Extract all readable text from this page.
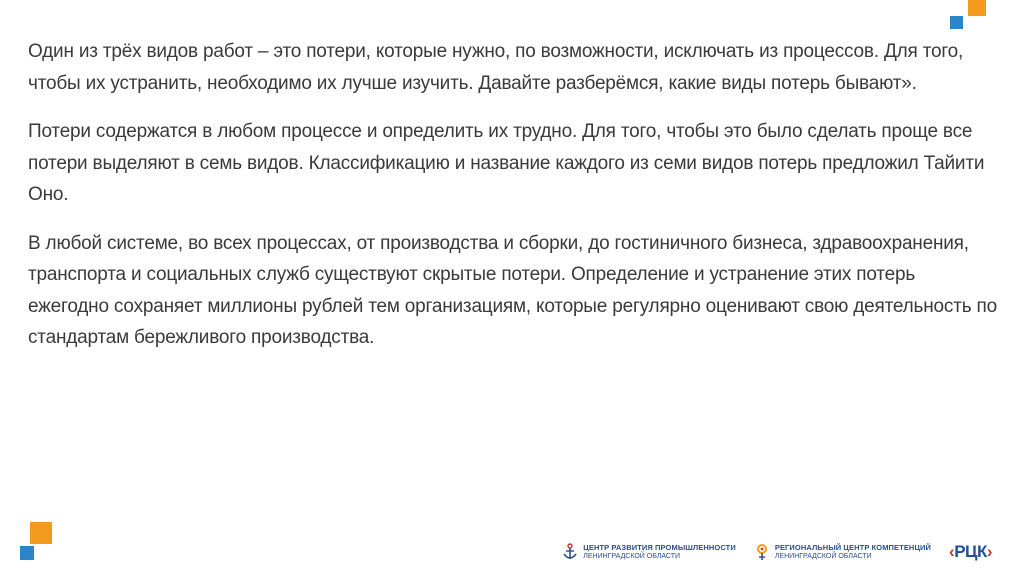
Один из трёх видов работ – это потери, которые нужно, по возможности, исключать из процессов. Для того, чтобы их устранить, необходимо их лучше изучить. Давайте разберёмся, какие виды потерь бывают».

Потери содержатся в любом процессе и определить их трудно. Для того, чтобы это было сделать проще все потери выделяют в семь видов. Классификацию и название каждого из семи видов потерь предложил Тайити Оно.

В любой системе, во всех процессах, от производства и сборки, до гостиничного бизнеса, здравоохранения, транспорта и социальных служб существуют скрытые потери. Определение и устранение этих потерь ежегодно сохраняет миллионы рублей тем организациям, которые регулярно оценивают свою деятельность по стандартам бережливого производства.

ЦЕНТР РАЗВИТИЯ ПРОМЫШЛЕННОСТИ
ЛЕНИНГРАДСКОЙ ОБЛАСТИ
РЕГИОНАЛЬНЫЙ ЦЕНТР КОМПЕТЕНЦИЙ
ЛЕНИНГРАДСКОЙ ОБЛАСТИ	‹ РЦК ›
